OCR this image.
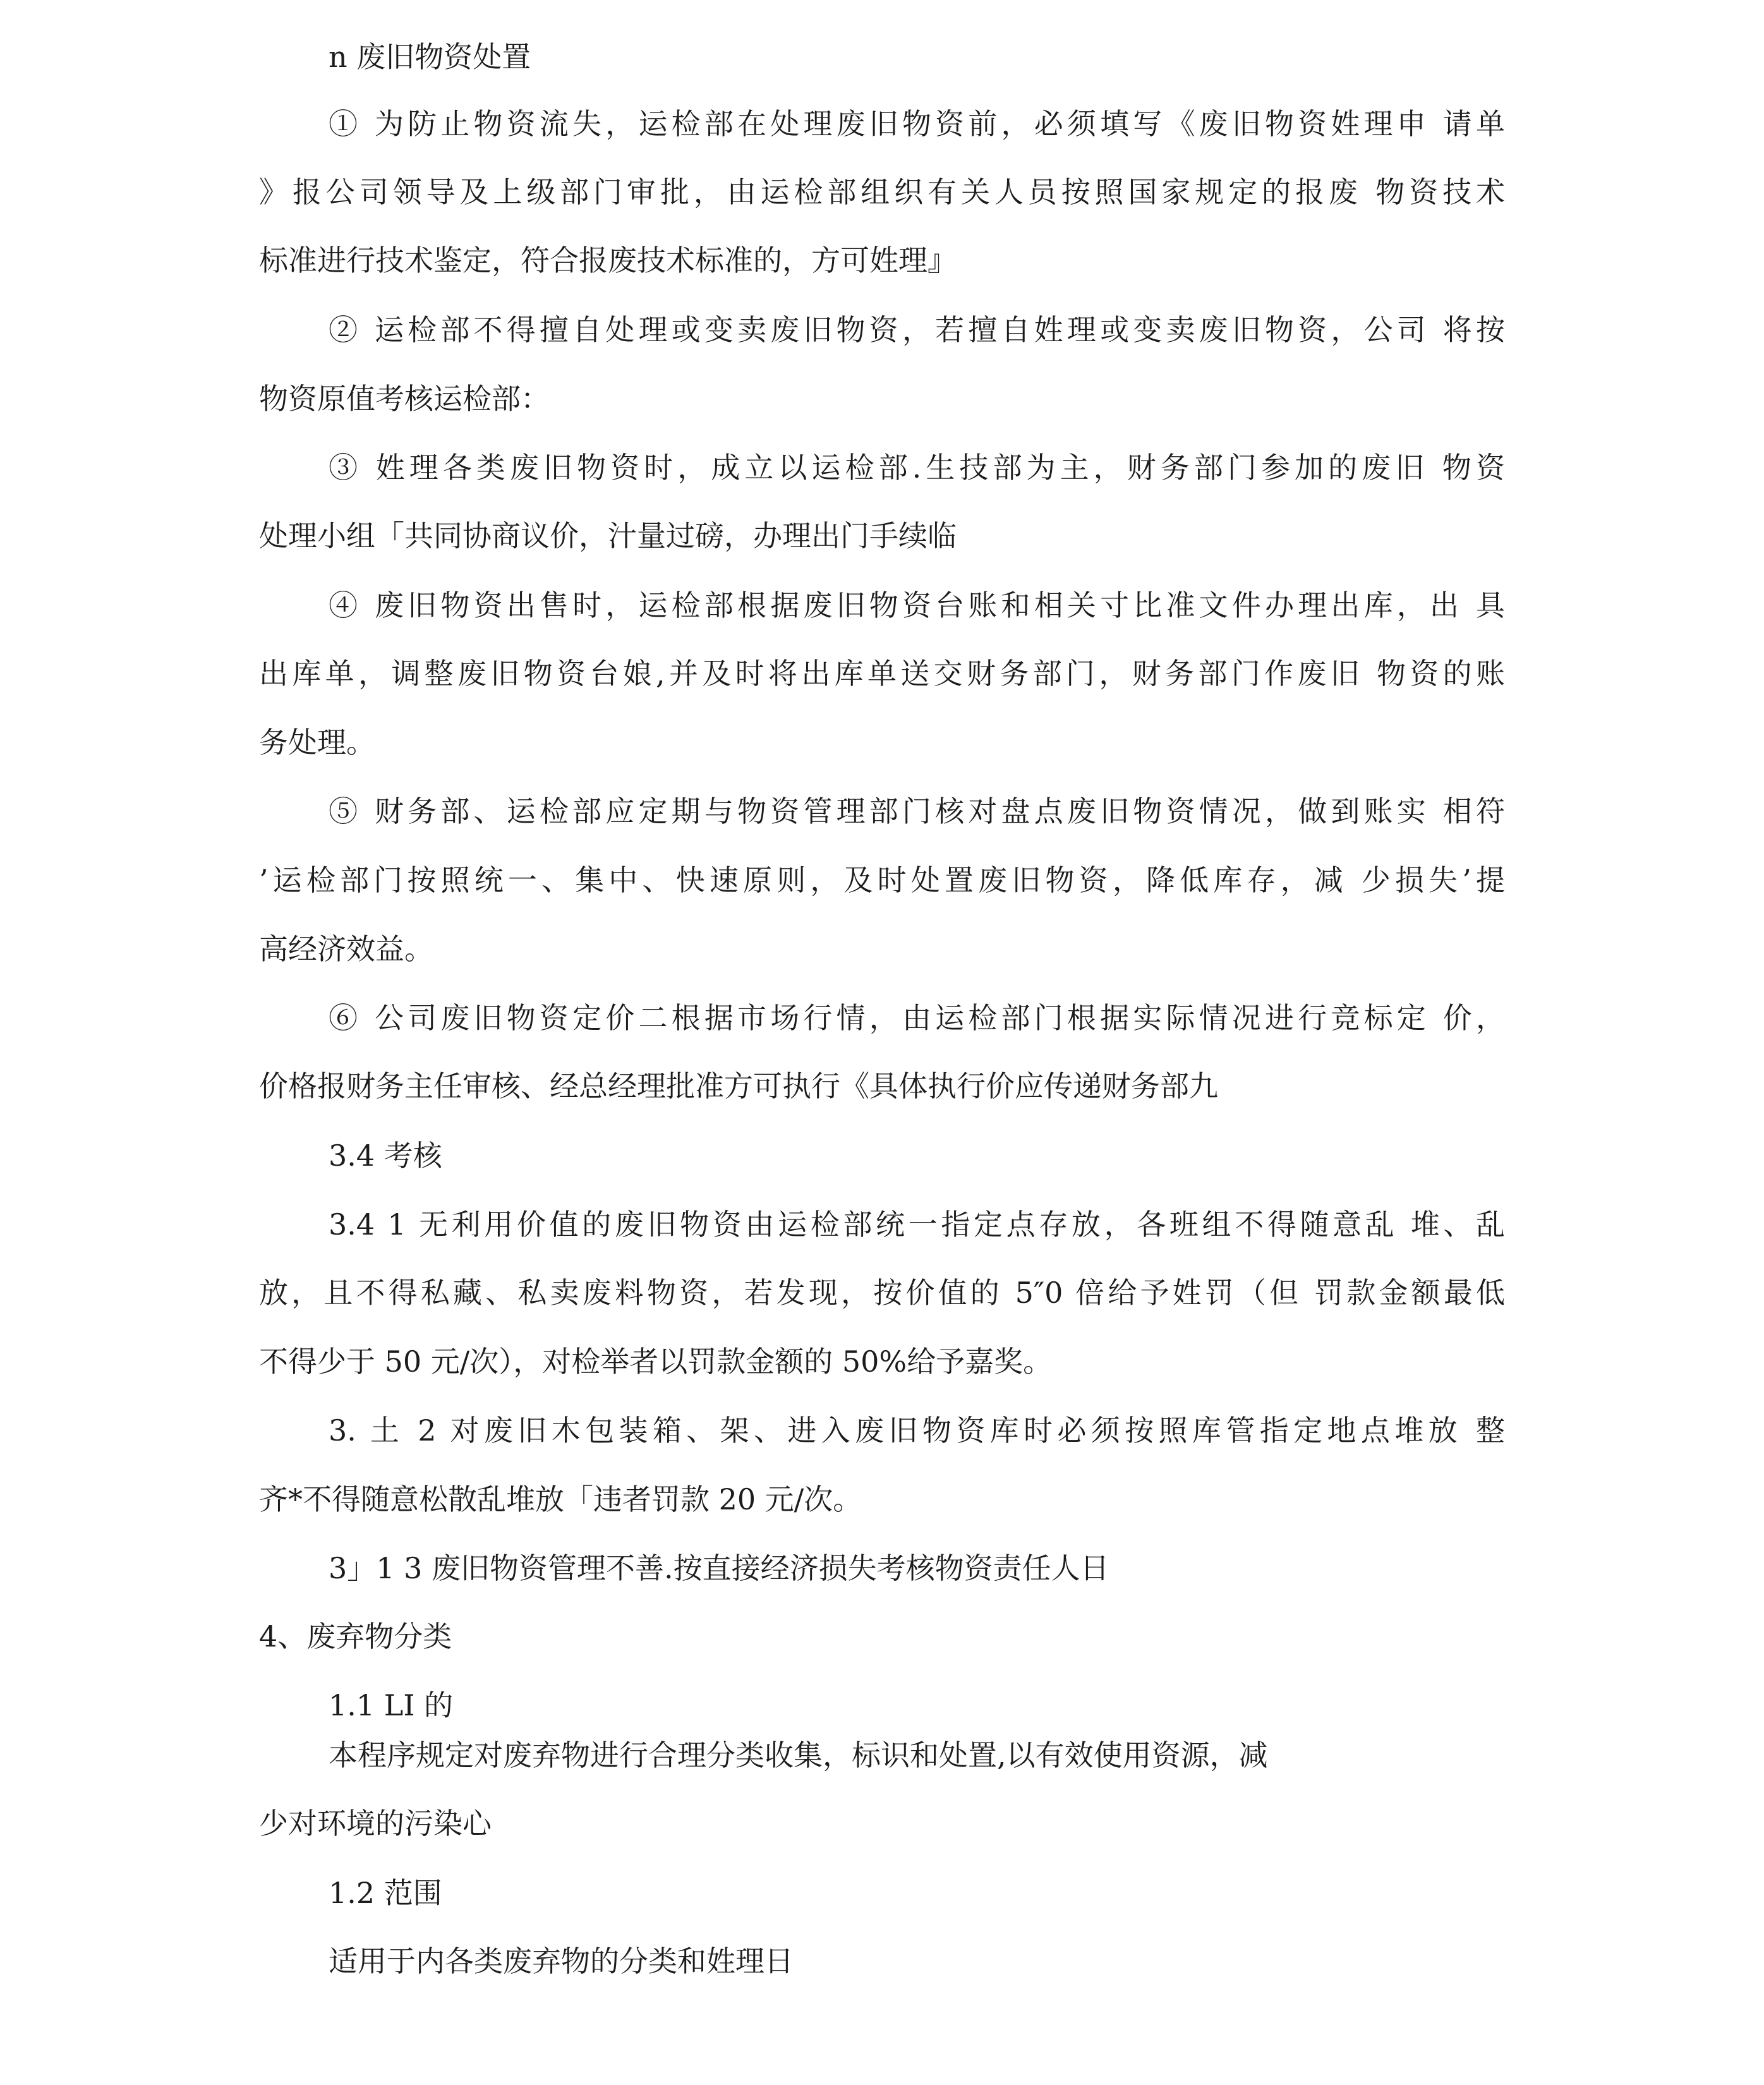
n 废旧物资处置

① 为防止物资流失，运检部在处理废旧物资前，必须填写《废旧物资姓理申 请单

》报公司领导及上级部门审批，由运检部组织有关人员按照国家规定的报废 物资技术

标准进行技术鉴定，符合报废技术标准的，方可姓理』

② 运检部不得擅自处理或变卖废旧物资，若擅自姓理或变卖废旧物资，公司 将按

物资原值考核运检部：

③ 姓理各类废旧物资时，成立以运检部.生技部为主，财务部门参加的废旧 物资

处理小组「共同协商议价，汁量过磅，办理出门手续临

④ 废旧物资出售时，运检部根据废旧物资台账和相关寸比准文件办理出库，出 具

出库单，调整废旧物资台娘,并及时将出库单送交财务部门，财务部门作废旧 物资的账

务处理。

⑤ 财务部、运检部应定期与物资管理部门核对盘点废旧物资情况，做到账实 相符

’运检部门按照统一、集中、快速原则，及时处置废旧物资，降低库存，减 少损失’提

高经济效益。

⑥ 公司废旧物资定价二根据市场行情，由运检部门根据实际情况进行竞标定 价，

价格报财务主任审核、经总经理批准方可执行《具体执行价应传递财务部九

3.4 考核

3.4 1 无利用价值的废旧物资由运检部统一指定点存放，各班组不得随意乱 堆、乱

放，且不得私藏、私卖废料物资，若发现，按价值的 5″0 倍给予姓罚（但 罚款金额最低

不得少于 50 元/次），对检举者以罚款金额的 50%给予嘉奖。

3. 土 2 对废旧木包装箱、架、进入废旧物资库时必须按照库管指定地点堆放 整

齐*不得随意松散乱堆放「违者罚款 20 元/次。

3」1 3 废旧物资管理不善.按直接经济损失考核物资责任人日

4、废弃物分类

1.1 LI 的

本程序规定对废弃物进行合理分类收集，标识和处置,以有效使用资源，减

少对环境的污染心

1.2 范围

适用于内各类废弃物的分类和姓理日
